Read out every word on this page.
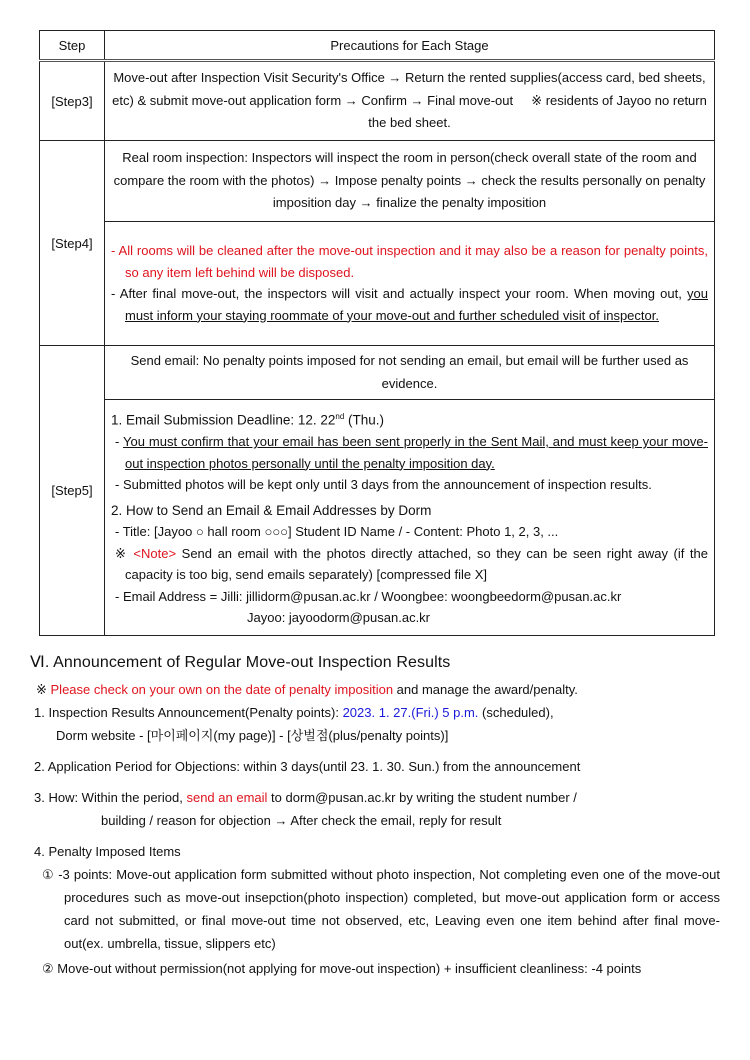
Step	Precautions for Each Stage
[Step3]	Move-out after Inspection Visit Security's Office → Return the rented supplies(access card, bed sheets, etc) & submit move-out application form → Confirm → Final move-out ※ residents of Jayoo no return the bed sheet.
[Step4]	Real room inspection: Inspectors will inspect the room in person(check overall state of the room and compare the room with the photos) → Impose penalty points → check the results personally on penalty imposition day → finalize the penalty imposition

	- All rooms will be cleaned after the move-out inspection and it may also be a reason for penalty points, so any item left behind will be disposed.
- After final move-out, the inspectors will visit and actually inspect your room. When moving out, you must inform your staying roommate of your move-out and further scheduled visit of inspector.

[Step5]	Send email: No penalty points imposed for not sending an email, but email will be further used as evidence.

1. Email Submission Deadline: 12. 22nd (Thu.)
- You must confirm that your email has been sent properly in the Sent Mail, and must keep your move-out inspection photos personally until the penalty imposition day.
- Submitted photos will be kept only until 3 days from the announcement of inspection results.
2. How to Send an Email & Email Addresses by Dorm
- Title: [Jayoo ○ hall room ○○○] Student ID Name / - Content: Photo 1, 2, 3, ...
※ <Note> Send an email with the photos directly attached, so they can be seen right away (if the capacity is too big, send emails separately) [compressed file X]
- Email Address = Jilli: jillidorm@pusan.ac.kr / Woongbee: woongbeedorm@pusan.ac.kr
Jayoo: jayoodorm@pusan.ac.kr
Ⅵ. Announcement of Regular Move-out Inspection Results
※ Please check on your own on the date of penalty imposition and manage the award/penalty.
1. Inspection Results Announcement(Penalty points): 2023. 1. 27.(Fri.) 5 p.m. (scheduled),
Dorm website - [마이페이지(my page)] - [상벌점(plus/penalty points)]
2. Application Period for Objections: within 3 days(until 23. 1. 30. Sun.) from the announcement
3. How: Within the period, send an email to dorm@pusan.ac.kr by writing the student number /
building / reason for objection → After check the email, reply for result
4. Penalty Imposed Items
① -3 points: Move-out application form submitted without photo inspection, Not completing even one of the move-out procedures such as move-out insepction(photo inspection) completed, but move-out application form or access card not submitted, or final move-out time not observed, etc, Leaving even one item behind after final move-out(ex. umbrella, tissue, slippers etc)
② Move-out without permission(not applying for move-out inspection) + insufficient cleanliness: -4 points
